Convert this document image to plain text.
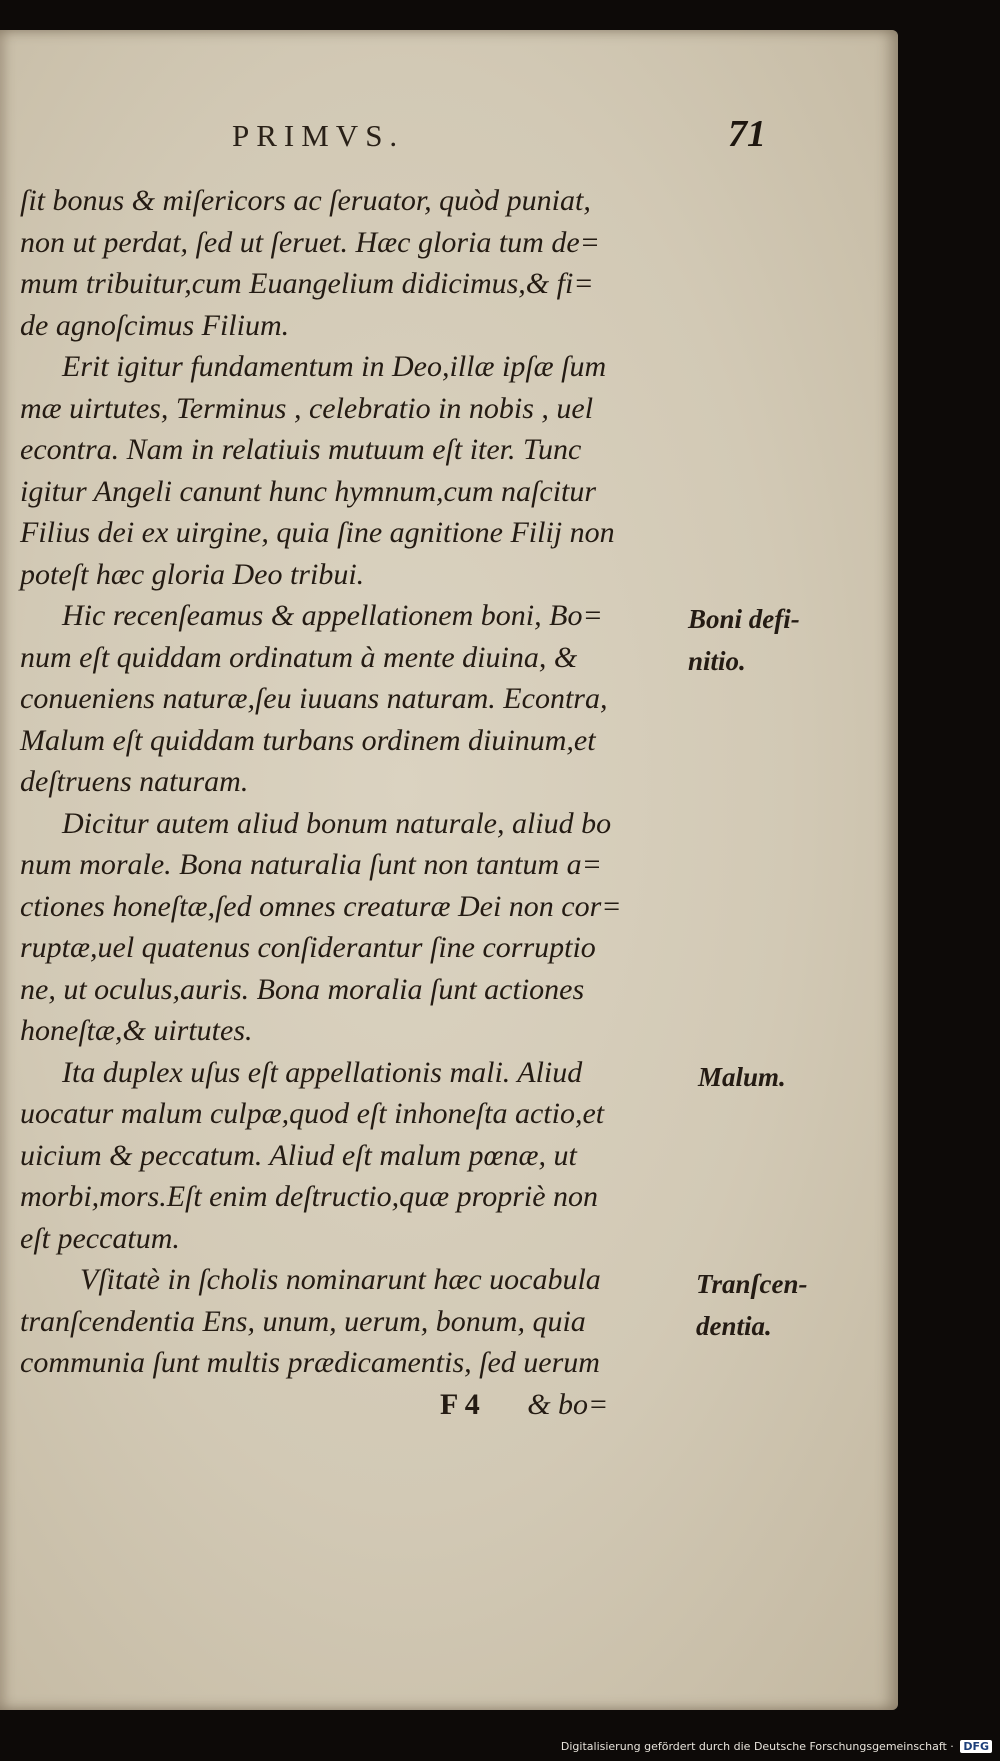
PRIMVS.	71
ſit bonus & miſericors ac ſeruator, quòd puniat,
non ut perdat, ſed ut ſeruet. Hæc gloria tum de=
mum tribuitur,cum Euangelium didicimus,& fi=
de agnoſcimus Filium.
Erit igitur fundamentum in Deo,illæ ipſæ ſum
mæ uirtutes, Terminus , celebratio in nobis , uel
econtra. Nam in relatiuis mutuum eſt iter. Tunc
igitur Angeli canunt hunc hymnum,cum naſcitur
Filius dei ex uirgine, quia ſine agnitione Filij non
poteſt hæc gloria Deo tribui.
Hic recenſeamus & appellationem boni, Bo=
num eſt quiddam ordinatum à mente diuina, &
conueniens naturæ,ſeu iuuans naturam. Econtra,
Malum eſt quiddam turbans ordinem diuinum,et
deſtruens naturam.
Dicitur autem aliud bonum naturale, aliud bo
num morale. Bona naturalia ſunt non tantum a=
ctiones honeſtæ,ſed omnes creaturæ Dei non cor=
ruptæ,uel quatenus conſiderantur ſine corruptio
ne, ut oculus,auris. Bona moralia ſunt actiones
honeſtæ,& uirtutes.
Ita duplex uſus eſt appellationis mali. Aliud
uocatur malum culpæ,quod eſt inhoneſta actio,et
uicium & peccatum. Aliud eſt malum pœnæ, ut
morbi,mors.Eſt enim deſtructio,quæ propriè non
eſt peccatum.
Vſitatè in ſcholis nominarunt hæc uocabula
tranſcendentia Ens, unum, uerum, bonum, quia
communia ſunt multis prædicamentis, ſed uerum
Boni defi-
nitio.
Malum.
Tranſcen-
dentia.
F 4 & bo=
Digitalisierung gefördert durch die Deutsche Forschungsgemeinschaft · DFG
